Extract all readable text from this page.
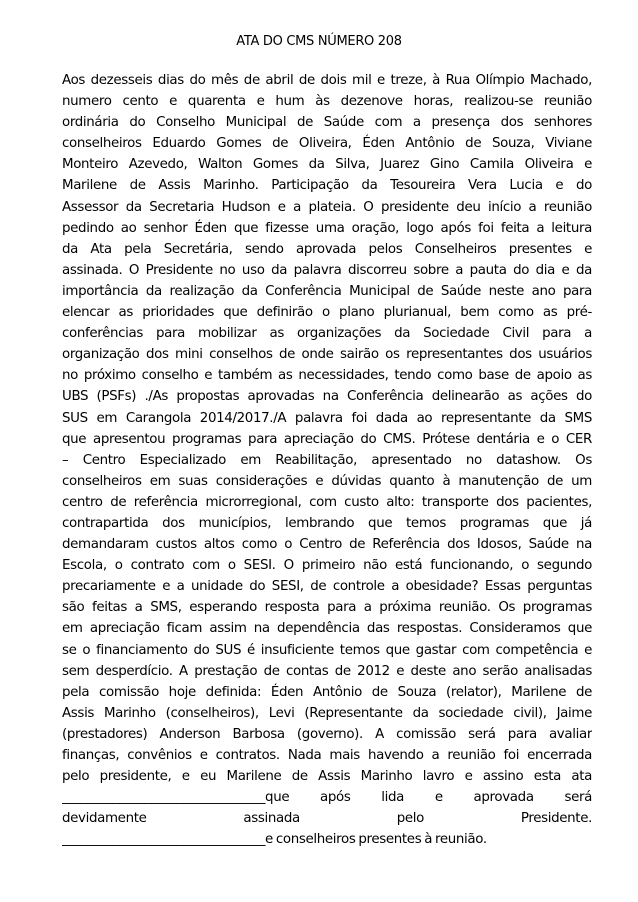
ATA DO CMS NÚMERO 208
Aos dezesseis dias do mês de abril de dois mil e treze, à Rua Olímpio Machado,
numero cento e quarenta e hum às dezenove horas, realizou-se reunião
ordinária do Conselho Municipal de Saúde com a presença dos senhores
conselheiros Eduardo Gomes de Oliveira, Éden Antônio de Souza, Viviane
Monteiro Azevedo, Walton Gomes da Silva, Juarez Gino Camila Oliveira e
Marilene de Assis Marinho. Participação da Tesoureira Vera Lucia e do
Assessor da Secretaria Hudson e a plateia. O presidente deu início a reunião
pedindo ao senhor Éden que fizesse uma oração, logo após foi feita a leitura
da Ata pela Secretária, sendo aprovada pelos Conselheiros presentes e
assinada. O Presidente no uso da palavra discorreu sobre a pauta do dia e da
importância da realização da Conferência Municipal de Saúde neste ano para
elencar as prioridades que definirão o plano plurianual, bem como as pré-
conferências para mobilizar as organizações da Sociedade Civil para a
organização dos mini conselhos de onde sairão os representantes dos usuários
no próximo conselho e também as necessidades, tendo como base de apoio as
UBS (PSFs) ./As propostas aprovadas na Conferência delinearão as ações do
SUS em Carangola 2014/2017./A palavra foi dada ao representante da SMS
que apresentou programas para apreciação do CMS. Prótese dentária e o CER
– Centro Especializado em Reabilitação, apresentado no datashow. Os
conselheiros em suas considerações e dúvidas quanto à manutenção de um
centro de referência microrregional, com custo alto: transporte dos pacientes,
contrapartida dos municípios, lembrando que temos programas que já
demandaram custos altos como o Centro de Referência dos Idosos, Saúde na
Escola, o contrato com o SESI. O primeiro não está funcionando, o segundo
precariamente e a unidade do SESI, de controle a obesidade? Essas perguntas
são feitas a SMS, esperando resposta para a próxima reunião. Os programas
em apreciação ficam assim na dependência das respostas. Consideramos que
se o financiamento do SUS é insuficiente temos que gastar com competência e
sem desperdício. A prestação de contas de 2012 e deste ano serão analisadas
pela comissão hoje definida: Éden Antônio de Souza (relator), Marilene de
Assis Marinho (conselheiros), Levi (Representante da sociedade civil), Jaime
(prestadores) Anderson Barbosa (governo). A comissão será para avaliar
finanças, convênios e contratos. Nada mais havendo a reunião foi encerrada
pelo presidente, e eu Marilene de Assis Marinho lavro e assino esta ata
________________________________que após lida e aprovada será
devidamente assinada pelo Presidente.
________________________________e conselheiros presentes à reunião.
